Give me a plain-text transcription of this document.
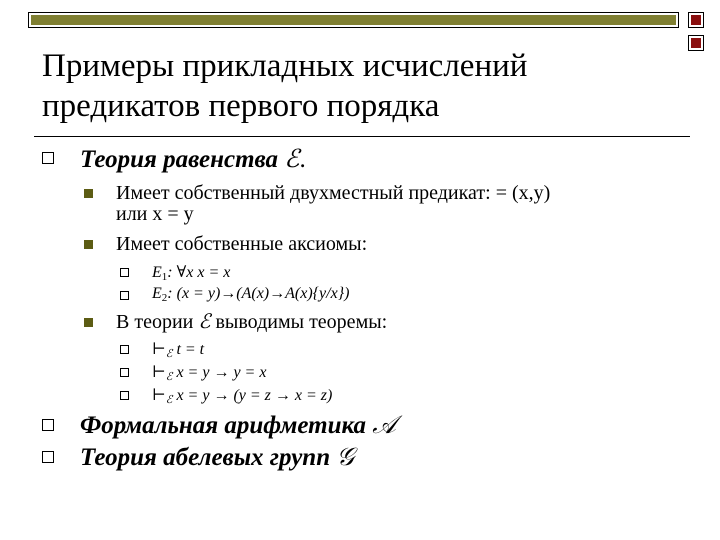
Примеры прикладных исчислений
предикатов первого порядка
Теория равенства ℰ.
Имеет собственный двухместный предикат: = (x,y)
или x = y
Имеет собственные аксиомы:
$E_1$: ∀x x = x
$E_2$: (x = y)→(A(x)→A(x){y/x})
В теории ℰ выводимы теоремы:
$⊢_ℰ$ t = t
$⊢_ℰ$ x = y → y = x
$⊢_ℰ$ x = y → (y = z → x = z)
Формальная арифметика 𝒜
Теория абелевых групп 𝒢
